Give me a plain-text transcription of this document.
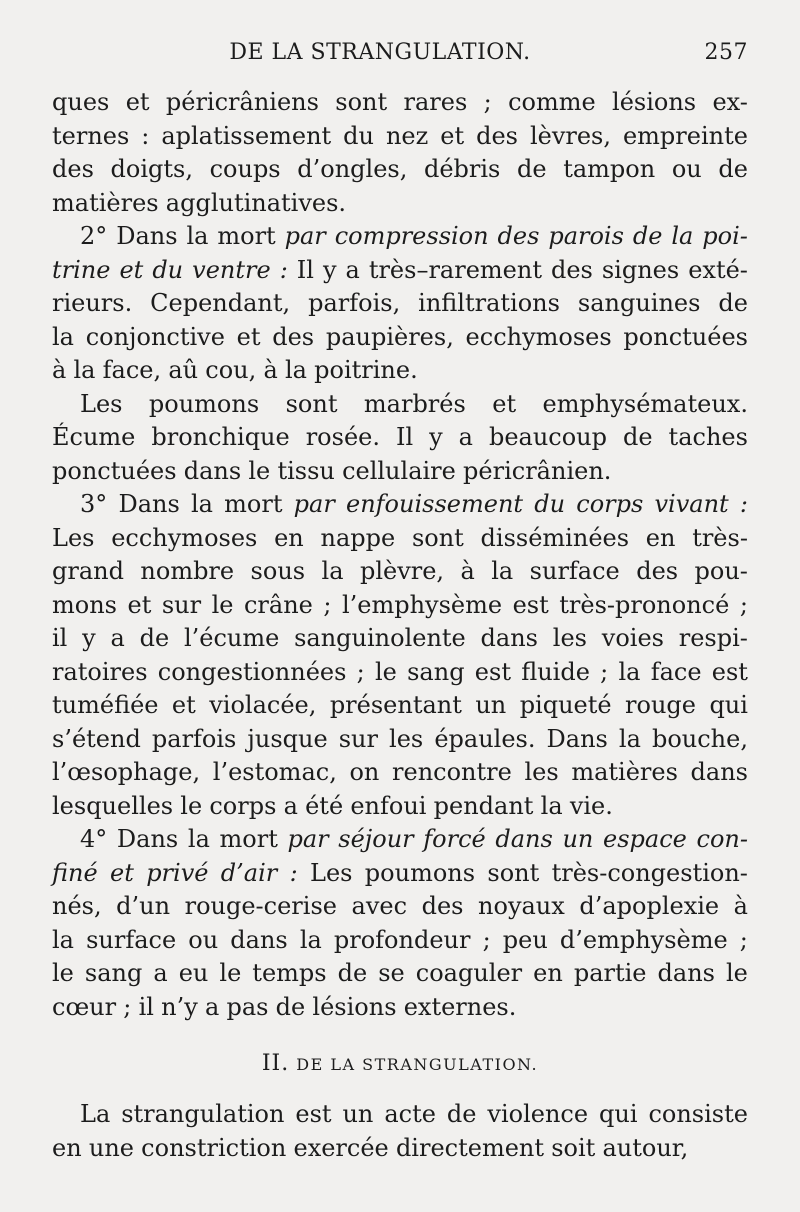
DE LA STRANGULATION.	257
ques et péricrâniens sont rares ; comme lésions ex-
ternes : aplatissement du nez et des lèvres, empreinte
des doigts, coups d’ongles, débris de tampon ou de
matières agglutinatives.
2° Dans la mort par compression des parois de la poi-
trine et du ventre : Il y a très–rarement des signes exté-
rieurs. Cependant, parfois, infiltrations sanguines de
la conjonctive et des paupières, ecchymoses ponctuées
à la face, aû cou, à la poitrine.
Les poumons sont marbrés et emphysémateux.
Écume bronchique rosée. Il y a beaucoup de taches
ponctuées dans le tissu cellulaire péricrânien.
3° Dans la mort par enfouissement du corps vivant :
Les ecchymoses en nappe sont disséminées en très-
grand nombre sous la plèvre, à la surface des pou-
mons et sur le crâne ; l’emphysème est très-prononcé ;
il y a de l’écume sanguinolente dans les voies respi-
ratoires congestionnées ; le sang est fluide ; la face est
tuméfiée et violacée, présentant un piqueté rouge qui
s’étend parfois jusque sur les épaules. Dans la bouche,
l’œsophage, l’estomac, on rencontre les matières dans
lesquelles le corps a été enfoui pendant la vie.
4° Dans la mort par séjour forcé dans un espace con-
finé et privé d’air : Les poumons sont très-congestion-
nés, d’un rouge-cerise avec des noyaux d’apoplexie à
la surface ou dans la profondeur ; peu d’emphysème ;
le sang a eu le temps de se coaguler en partie dans le
cœur ; il n’y a pas de lésions externes.
II. DE LA STRANGULATION.
La strangulation est un acte de violence qui consiste
en une constriction exercée directement soit autour,
